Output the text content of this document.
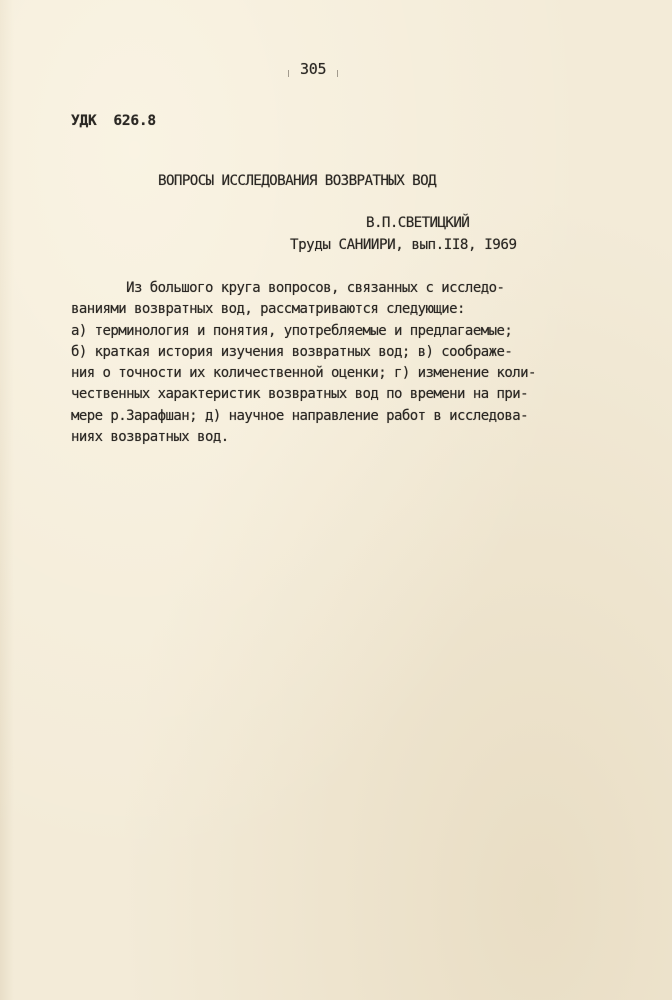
305
УДК  626.8
ВОПРОСЫ ИССЛЕДОВАНИЯ ВОЗВРАТНЫХ ВОД
В.П.СВЕТИЦКИЙ
Труды САНИИРИ, вып.II8, I969
Из большого круга вопросов, связанных с исследо-
ваниями возвратных вод, рассматриваются следующие:
а) терминология и понятия, употребляемые и предлагаемые;
б) краткая история изучения возвратных вод; в) соображе-
ния о точности их количественной оценки; г) изменение коли-
чественных характеристик возвратных вод по времени на при-
мере р.Зарафшан; д) научное направление работ в исследова-
ниях возвратных вод.
